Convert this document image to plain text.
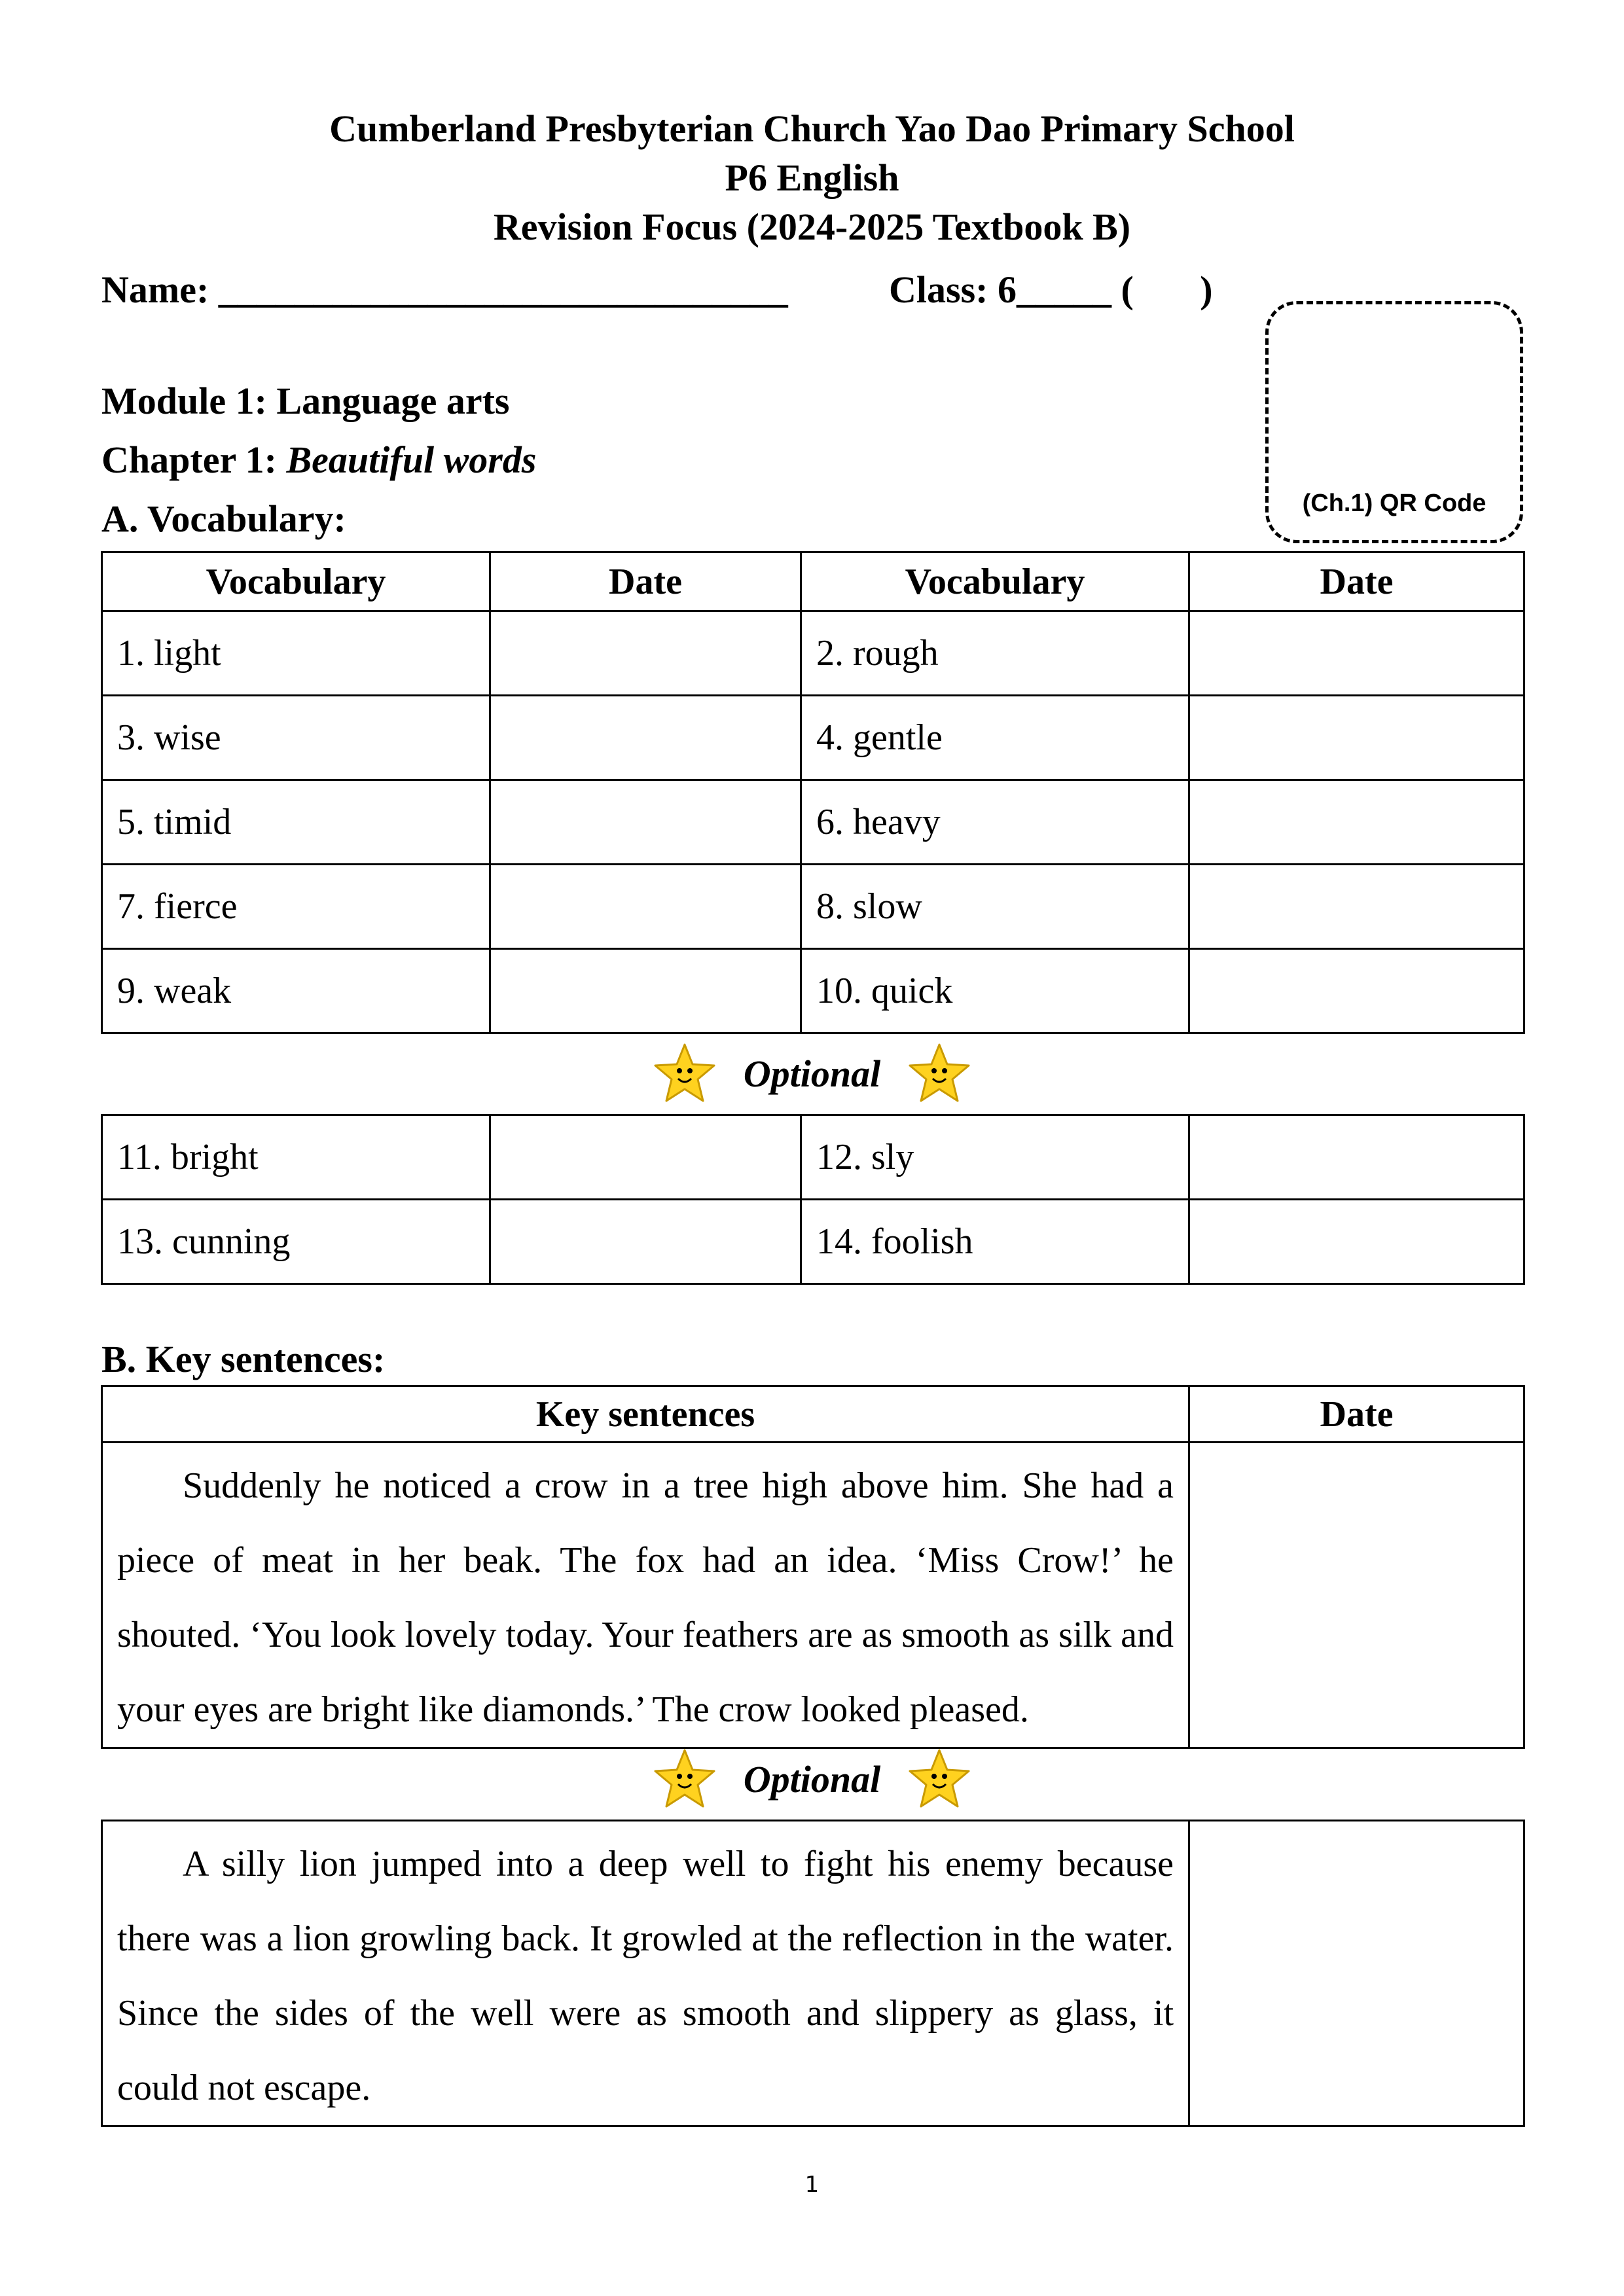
Cumberland Presbyterian Church Yao Dao Primary School
P6 English
Revision Focus (2024-2025 Textbook B)
Name: ______________________________	Class: 6_____ (       )
(Ch.1) QR Code
Module 1: Language arts
Chapter 1: Beautiful words
A. Vocabulary:
Vocabulary	Date	Vocabulary	Date
1. light		2. rough	
3. wise		4. gentle	
5. timid		6. heavy	
7. fierce		8. slow	
9. weak		10. quick	
Optional
11. bright		12. sly	
13. cunning		14. foolish	
B. Key sentences:
Key sentences	Date
Suddenly he noticed a crow in a tree high above him. She had a piece of meat in her beak. The fox had an idea. ‘Miss Crow!’ he shouted. ‘You look lovely today. Your feathers are as smooth as silk and your eyes are bright like diamonds.’ The crow looked pleased.	
Optional
A silly lion jumped into a deep well to fight his enemy because there was a lion growling back. It growled at the reflection in the water. Since the sides of the well were as smooth and slippery as glass, it could not escape.	
1
